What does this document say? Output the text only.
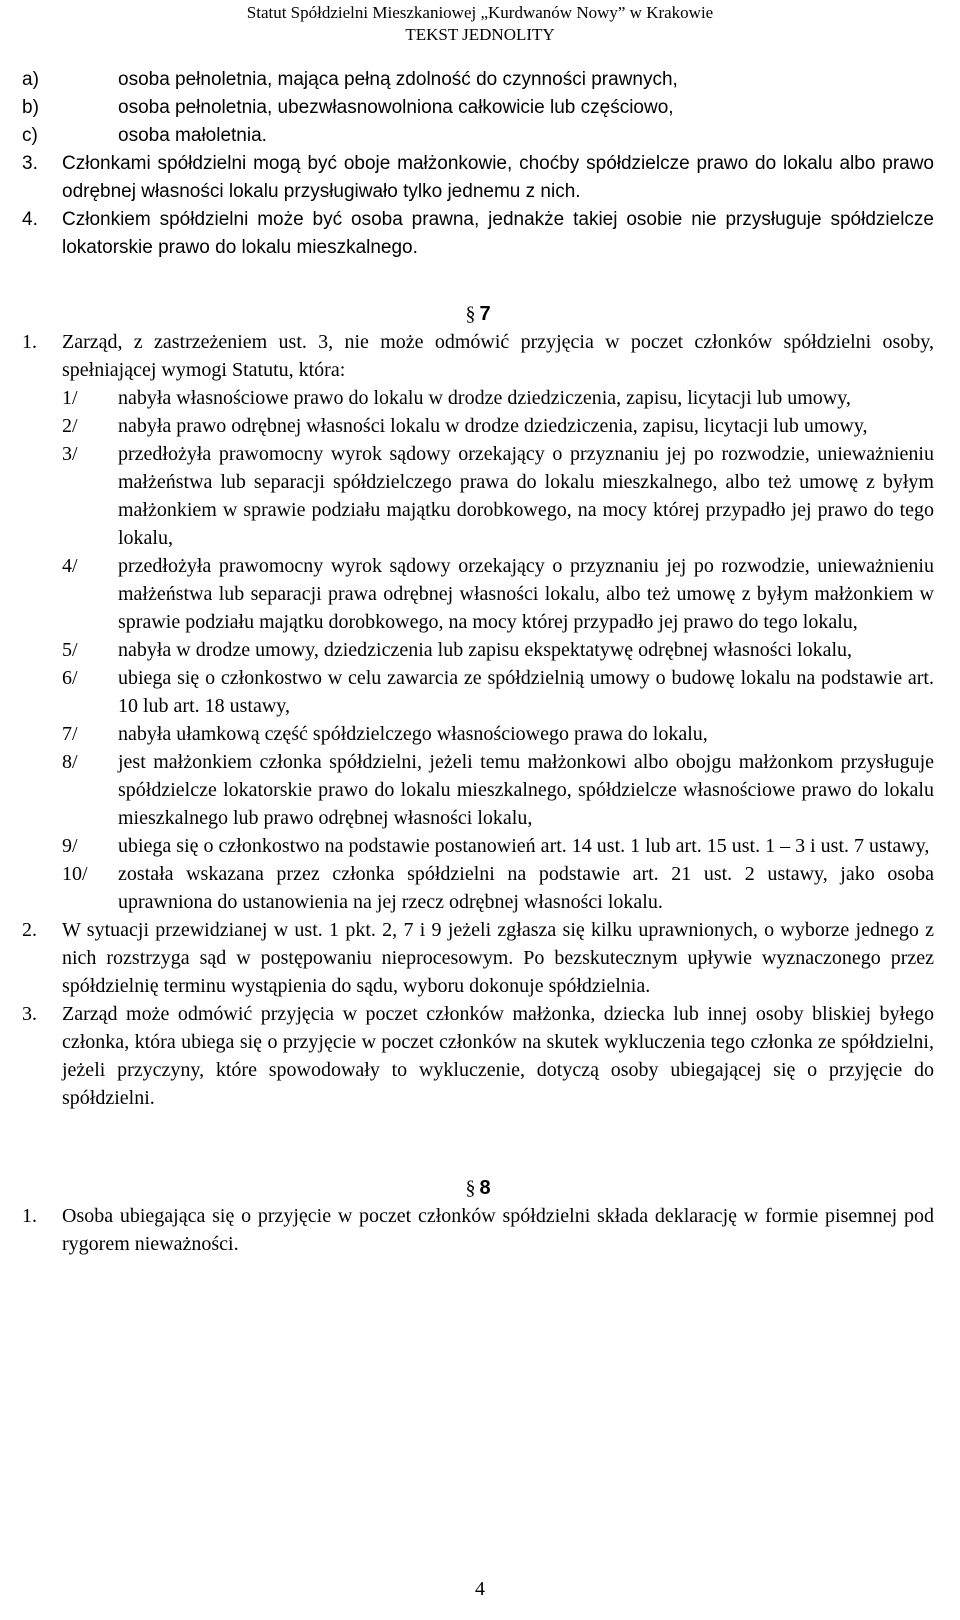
Statut Spółdzielni Mieszkaniowej „Kurdwanów Nowy” w Krakowie
TEKST JEDNOLITY
a)	osoba pełnoletnia, mająca pełną zdolność do czynności prawnych,
b)	osoba pełnoletnia, ubezwłasnowolniona całkowicie lub częściowo,
c)	osoba małoletnia.
3.	Członkami spółdzielni mogą być oboje małżonkowie, choćby spółdzielcze prawo do lokalu albo prawo odrębnej własności lokalu przysługiwało tylko jednemu z nich.
4.	Członkiem spółdzielni może być osoba prawna, jednakże takiej osobie nie przysługuje spółdzielcze lokatorskie prawo do lokalu mieszkalnego.
§ 7
1.	Zarząd, z zastrzeżeniem ust. 3, nie może odmówić przyjęcia w poczet członków spółdzielni osoby, spełniającej wymogi Statutu, która:
1/	nabyła własnościowe prawo do lokalu w drodze dziedziczenia, zapisu, licytacji lub umowy,
2/	nabyła prawo odrębnej własności lokalu w drodze dziedziczenia, zapisu, licytacji lub umowy,
3/	przedłożyła prawomocny wyrok sądowy orzekający o przyznaniu jej po rozwodzie, unieważnieniu małżeństwa lub separacji spółdzielczego prawa do lokalu mieszkalnego, albo też umowę z byłym małżonkiem w sprawie podziału majątku dorobkowego, na mocy której przypadło jej prawo do tego lokalu,
4/	przedłożyła prawomocny wyrok sądowy orzekający o przyznaniu jej po rozwodzie, unieważnieniu małżeństwa lub separacji prawa odrębnej własności lokalu, albo też umowę z byłym małżonkiem w sprawie podziału majątku dorobkowego, na mocy której przypadło jej prawo do tego lokalu,
5/	nabyła w drodze umowy, dziedziczenia lub zapisu ekspektatywę odrębnej własności lokalu,
6/	ubiega się o członkostwo w celu zawarcia ze spółdzielnią umowy o budowę lokalu na podstawie art. 10 lub art. 18 ustawy,
7/	nabyła ułamkową część spółdzielczego własnościowego prawa do lokalu,
8/	jest małżonkiem członka spółdzielni, jeżeli temu małżonkowi albo obojgu małżonkom przysługuje spółdzielcze lokatorskie prawo do lokalu mieszkalnego, spółdzielcze własnościowe prawo do lokalu mieszkalnego lub prawo odrębnej własności lokalu,
9/	ubiega się o członkostwo na podstawie postanowień art. 14 ust. 1 lub art. 15 ust. 1 – 3 i ust. 7 ustawy,
10/	została wskazana przez członka spółdzielni na podstawie art. 21 ust. 2 ustawy, jako osoba uprawniona do ustanowienia na jej rzecz odrębnej własności lokalu.
2.	W sytuacji przewidzianej w ust. 1 pkt. 2, 7 i 9 jeżeli zgłasza się kilku uprawnionych, o wyborze jednego z nich rozstrzyga sąd w postępowaniu nieprocesowym. Po bezskutecznym upływie wyznaczonego przez spółdzielnię terminu wystąpienia do sądu, wyboru dokonuje spółdzielnia.
3.	Zarząd może odmówić przyjęcia w poczet członków małżonka, dziecka lub innej osoby bliskiej byłego członka, która ubiega się o przyjęcie w poczet członków na skutek wykluczenia tego członka ze spółdzielni, jeżeli przyczyny, które spowodowały to wykluczenie, dotyczą osoby ubiegającej się o przyjęcie do spółdzielni.
§ 8
1.	Osoba ubiegająca się o przyjęcie w poczet członków spółdzielni składa deklarację w formie pisemnej pod rygorem nieważności.
4
